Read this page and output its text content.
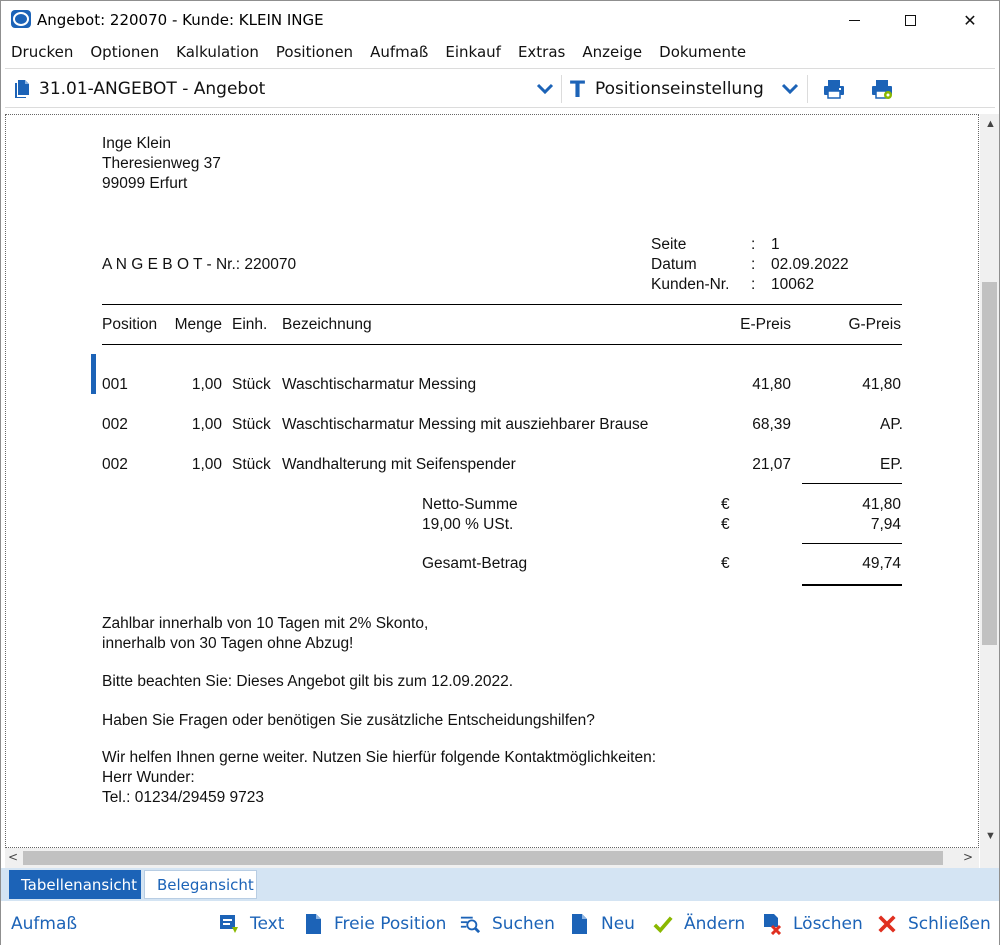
Angebot: 220070 - Kunde: KLEIN INGE	✕
Drucken Optionen Kalkulation Positionen Aufmaß Einkauf Extras Anzeige Dokumente
31.01-ANGEBOT - Angebot	T Positionseinstellung
Inge Klein
Theresienweg 37
99099 Erfurt
A N G E B O T - Nr.: 220070
Seite	: 1
Datum	: 02.09.2022
Kunden-Nr. : 10062
Position	Menge Einh. Bezeichnung	E-Preis	G-Preis
001	1,00 Stück Waschtischarmatur Messing	41,80	41,80
002	1,00 Stück Waschtischarmatur Messing mit ausziehbarer Brause	68,39	AP.
002	1,00 Stück Wandhalterung mit Seifenspender	21,07	EP.
Netto-Summe	€	41,80
19,00 % USt.	€	7,94
Gesamt-Betrag	€	49,74
Zahlbar innerhalb von 10 Tagen mit 2% Skonto,
innerhalb von 30 Tagen ohne Abzug!
Bitte beachten Sie: Dieses Angebot gilt bis zum 12.09.2022.
Haben Sie Fragen oder benötigen Sie zusätzliche Entscheidungshilfen?
Wir helfen Ihnen gerne weiter. Nutzen Sie hierfür folgende Kontaktmöglichkeiten:
Herr Wunder:
Tel.: 01234/29459 9723
▲
▼
<	>
Tabellenansicht	Belegansicht
Aufmaß	Text	Freie Position	Suchen	Neu	Ändern	Löschen	Schließen
